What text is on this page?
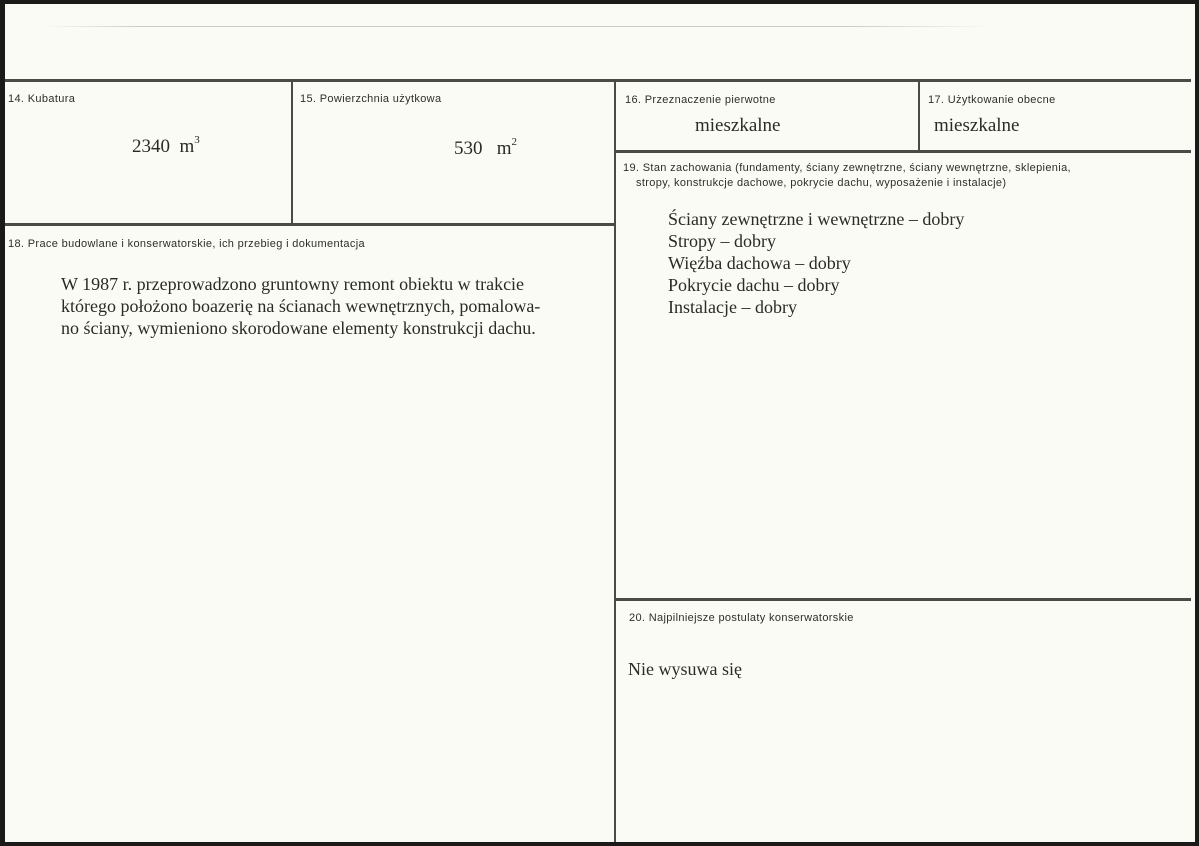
14. Kubatura
2340 $m^3$
15. Powierzchnia użytkowa
530 $m^2$
16. Przeznaczenie pierwotne
mieszkalne
17. Użytkowanie obecne
mieszkalne
19. Stan zachowania (fundamenty, ściany zewnętrzne, ściany wewnętrzne, sklepienia,
stropy, konstrukcje dachowe, pokrycie dachu, wyposażenie i instalacje)
Ściany zewnętrzne i wewnętrzne – dobry
Stropy – dobry
Więźba dachowa – dobry
Pokrycie dachu – dobry
Instalacje – dobry
18. Prace budowlane i konserwatorskie, ich przebieg i dokumentacja
W 1987 r. przeprowadzono gruntowny remont obiektu w trakcie
którego położono boazerię na ścianach wewnętrznych, pomalowa-
no ściany, wymieniono skorodowane elementy konstrukcji dachu.
20. Najpilniejsze postulaty konserwatorskie
Nie wysuwa się
